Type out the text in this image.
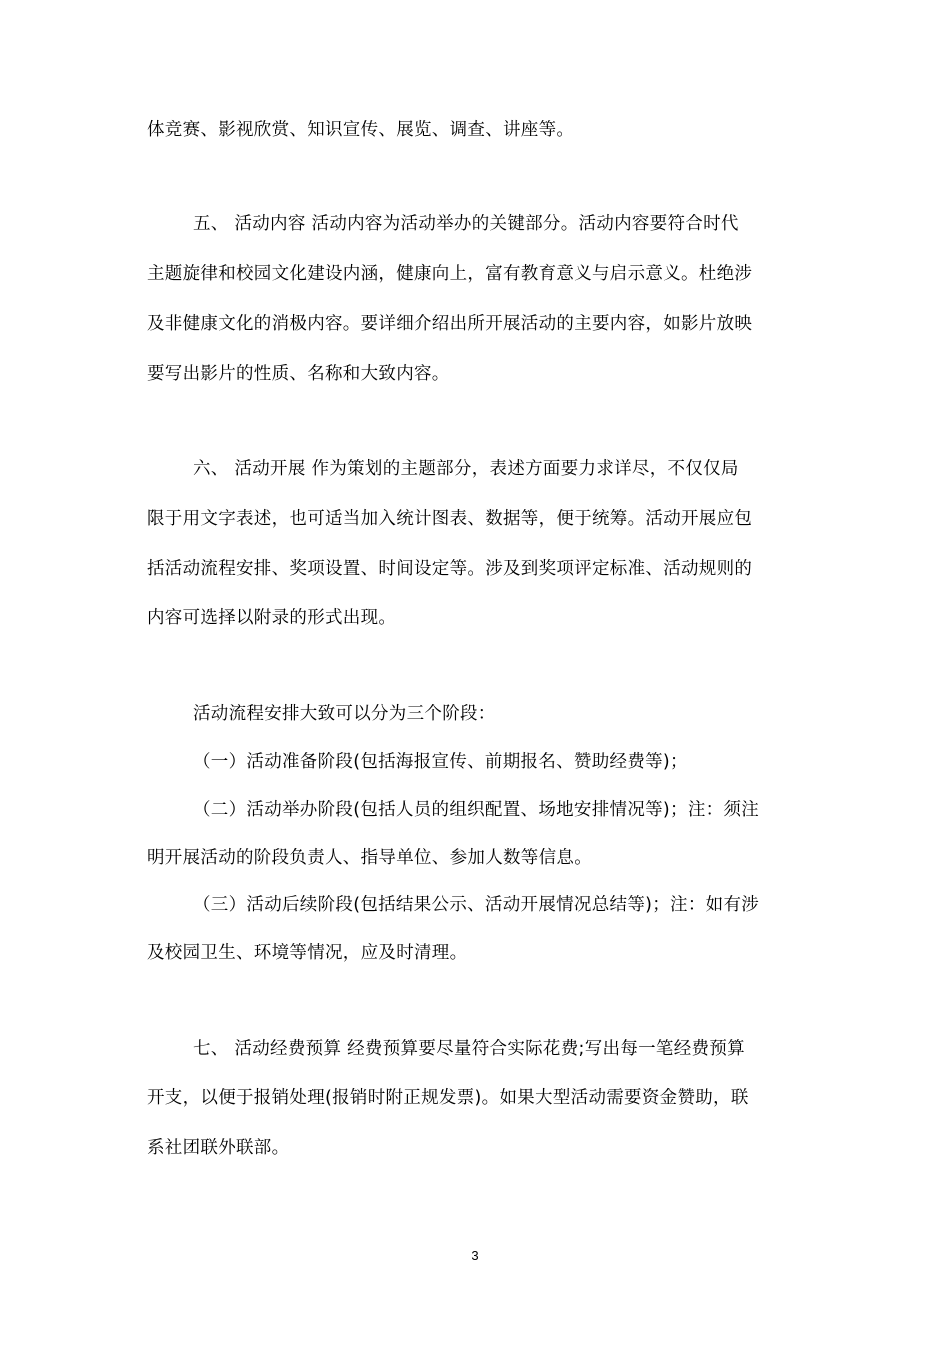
体竞赛、影视欣赏、知识宣传、展览、调查、讲座等。
五、 活动内容 活动内容为活动举办的关键部分。活动内容要符合时代
主题旋律和校园文化建设内涵，健康向上，富有教育意义与启示意义。杜绝涉
及非健康文化的消极内容。要详细介绍出所开展活动的主要内容，如影片放映
要写出影片的性质、名称和大致内容。
六、 活动开展 作为策划的主题部分，表述方面要力求详尽，不仅仅局
限于用文字表述，也可适当加入统计图表、数据等，便于统筹。活动开展应包
括活动流程安排、奖项设置、时间设定等。涉及到奖项评定标准、活动规则的
内容可选择以附录的形式出现。
活动流程安排大致可以分为三个阶段：
（一）活动准备阶段(包括海报宣传、前期报名、赞助经费等)；
（二）活动举办阶段(包括人员的组织配置、场地安排情况等)；注：须注
明开展活动的阶段负责人、指导单位、参加人数等信息。
（三）活动后续阶段(包括结果公示、活动开展情况总结等)；注：如有涉
及校园卫生、环境等情况，应及时清理。
七、 活动经费预算 经费预算要尽量符合实际花费;写出每一笔经费预算
开支，以便于报销处理(报销时附正规发票)。如果大型活动需要资金赞助，联
系社团联外联部。
3
